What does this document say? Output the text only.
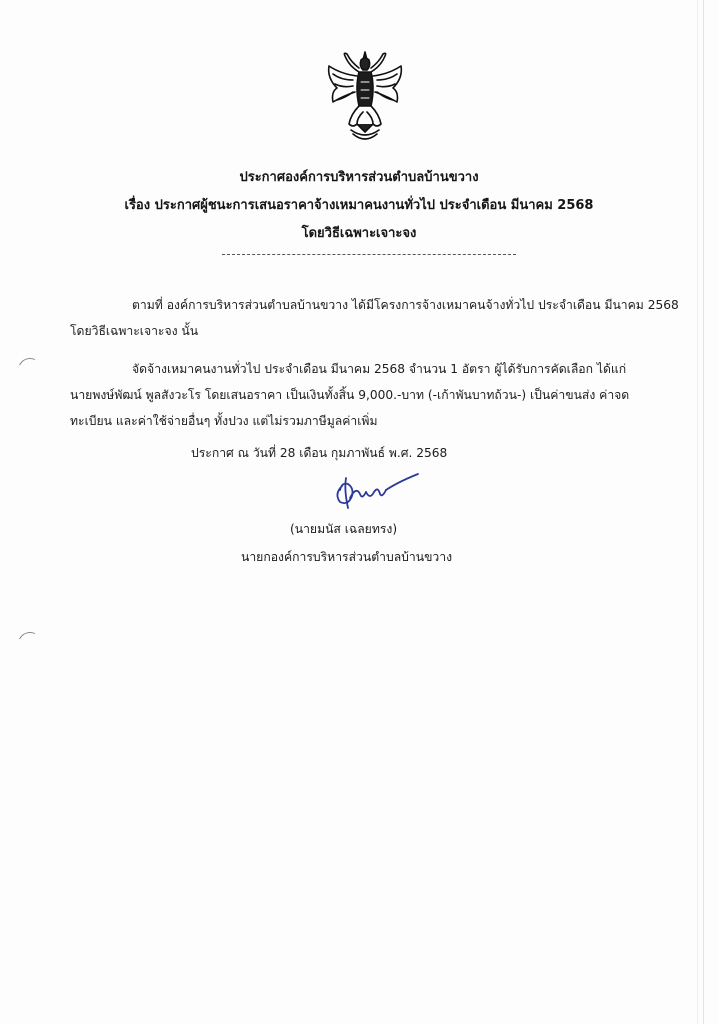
ประกาศองค์การบริหารส่วนตำบลบ้านขวาง
เรื่อง ประกาศผู้ชนะการเสนอราคาจ้างเหมาคนงานทั่วไป ประจำเดือน มีนาคม 2568
โดยวิธีเฉพาะเจาะจง
ตามที่ องค์การบริหารส่วนตำบลบ้านขวาง ได้มีโครงการจ้างเหมาคนจ้างทั่วไป ประจำเดือน มีนาคม 2568
โดยวิธีเฉพาะเจาะจง นั้น
จัดจ้างเหมาคนงานทั่วไป ประจำเดือน มีนาคม 2568 จำนวน 1 อัตรา ผู้ได้รับการคัดเลือก ได้แก่
นายพงษ์พัฒน์ พูลสังวะโร โดยเสนอราคา เป็นเงินทั้งสิ้น 9,000.-บาท (-เก้าพันบาทถ้วน-) เป็นค่าขนส่ง ค่าจด
ทะเบียน และค่าใช้จ่ายอื่นๆ ทั้งปวง แต่ไม่รวมภาษีมูลค่าเพิ่ม
ประกาศ ณ วันที่ 28 เดือน กุมภาพันธ์ พ.ศ. 2568
(นายมนัส เฉลยทรง)
นายกองค์การบริหารส่วนตำบลบ้านขวาง
